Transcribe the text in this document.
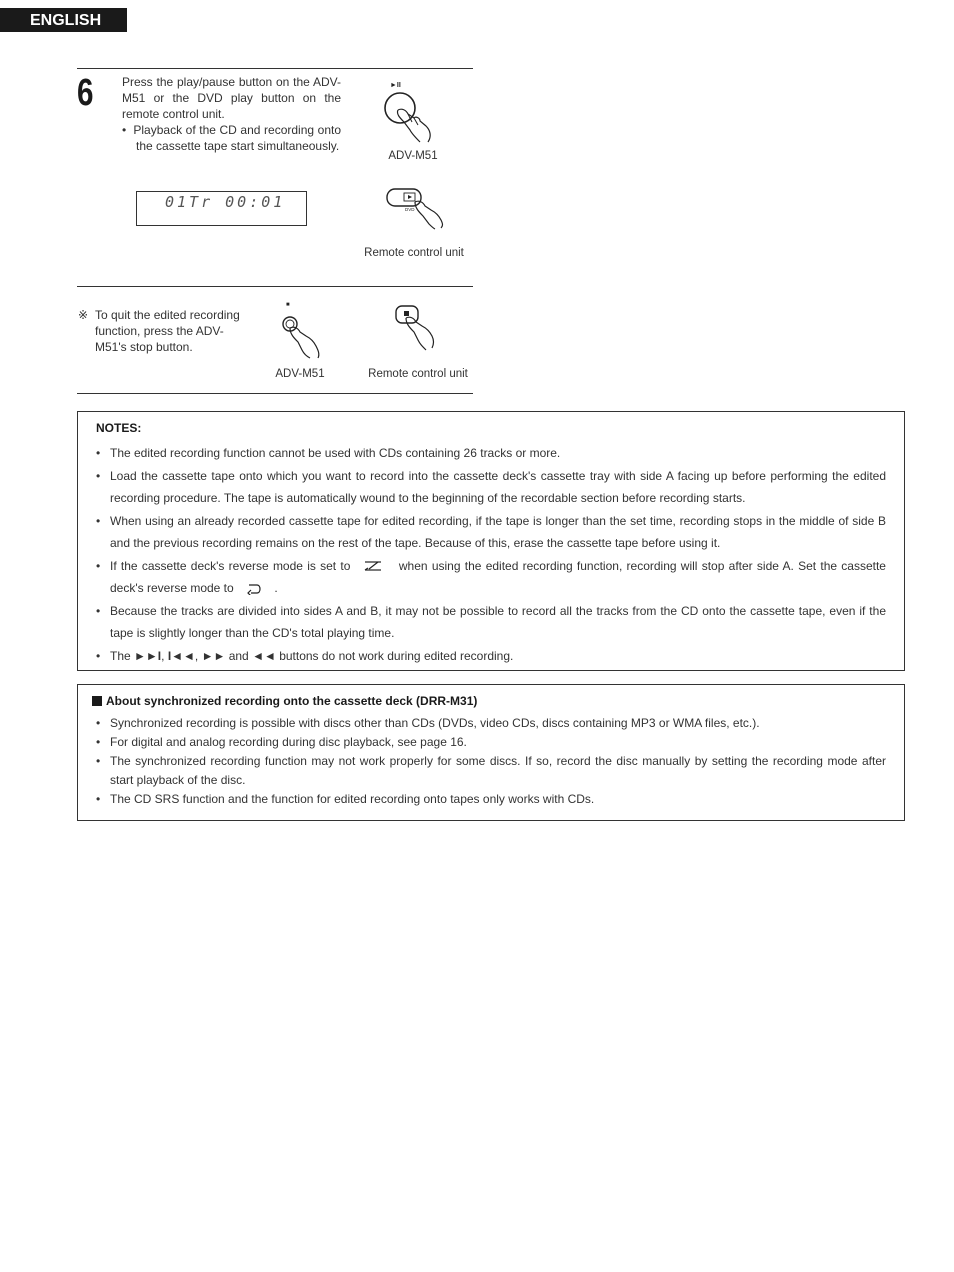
ENGLISH
6 Press the play/pause button on the ADV-M51 or the DVD play button on the remote control unit.

•  Playback of the CD and recording onto the cassette tape start simultaneously.

01Tr 00:01
►II
ADV-M51
DVD
Remote control unit
※ To quit the edited recording function, press the ADV-M51's stop button.
■
ADV-M51	Remote control unit
NOTES:
• The edited recording function cannot be used with CDs containing 26 tracks or more.
• Load the cassette tape onto which you want to record into the cassette deck's cassette tray with side A facing up before performing the edited recording procedure. The tape is automatically wound to the beginning of the recordable section before recording starts.
• When using an already recorded cassette tape for edited recording, if the tape is longer than the set time, recording stops in the middle of side B and the previous recording remains on the rest of the tape. Because of this, erase the cassette tape before using it.
• If the cassette deck's reverse mode is set to	when using the edited recording function, recording will stop after side A. Set the cassette deck's reverse mode to	.
• Because the tracks are divided into sides A and B, it may not be possible to record all the tracks from the CD onto the cassette tape, even if the tape is slightly longer than the CD's total playing time.
• The ►►I, I◄◄, ►► and ◄◄ buttons do not work during edited recording.
About synchronized recording onto the cassette deck (DRR-M31)
• Synchronized recording is possible with discs other than CDs (DVDs, video CDs, discs containing MP3 or WMA files, etc.).
• For digital and analog recording during disc playback, see page 16.
• The synchronized recording function may not work properly for some discs. If so, record the disc manually by setting the recording mode after start playback of the disc.
• The CD SRS function and the function for edited recording onto tapes only works with CDs.
